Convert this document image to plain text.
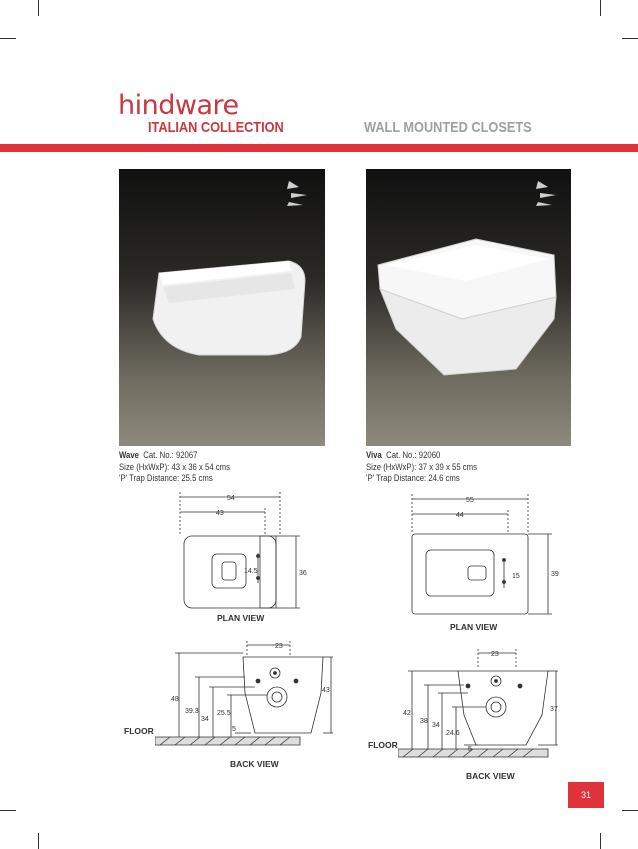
hindware
ITALIAN COLLECTION	WALL MOUNTED CLOSETS
Wave Cat. No.: 92067
Size (HxWxP): 43 x 36 x 54 cms
'P' Trap Distance: 25.5 cms
Viva Cat. No.: 92060
Size (HxWxP): 37 x 39 x 55 cms
'P' Trap Distance: 24.6 cms
54
43
14.5	36
PLAN VIEW
55
44
15	39
PLAN VIEW
23
43
48
39.3
34
25.5
5
FLOOR
BACK VIEW
23
37
42
38
34
24.6
5
FLOOR
BACK VIEW
31
